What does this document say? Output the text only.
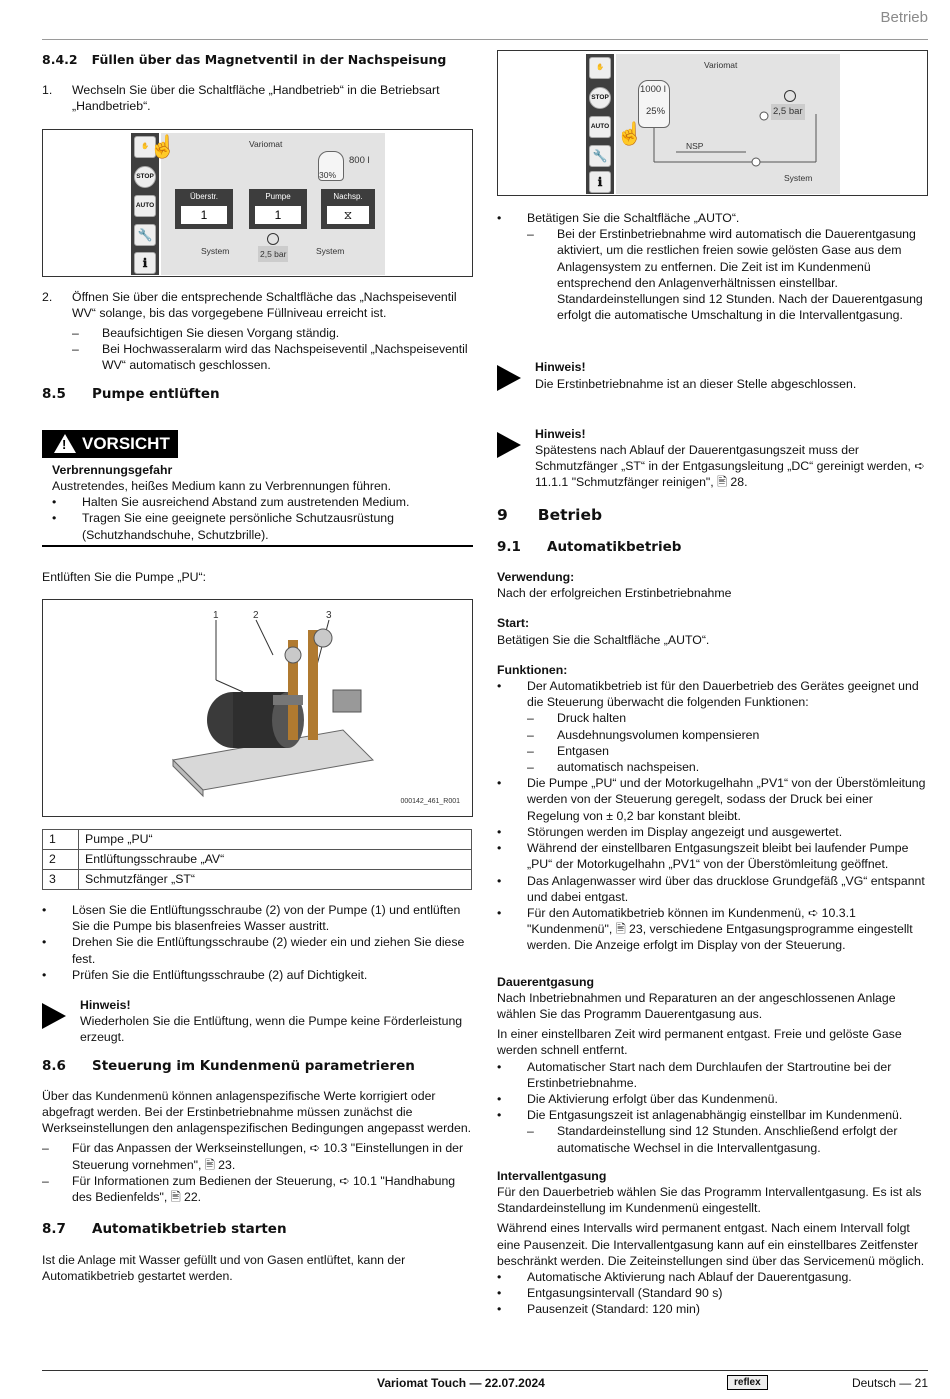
Betrieb
8.4.2 Füllen über das Magnetventil in der Nachspeisung
1.	Wechseln Sie über die Schaltfläche „Handbetrieb“ in die Betriebsart „Handbetrieb“.
✋
STOP
AUTO
🔧
ℹ
Variomat
30%
800 l
Überstr.
1
Pumpe
1
Nachsp.
⧖
System	System
2,5 bar
☝
2.	Öffnen Sie über die entsprechende Schaltfläche das „Nachspeiseventil WV“ solange, bis das vorgegebene Füllniveau erreicht ist.
–	Beaufsichtigen Sie diesen Vorgang ständig.
–	Bei Hochwasseralarm wird das Nachspeiseventil „Nachspeiseventil WV“ automatisch geschlossen.
8.5	Pumpe entlüften
! VORSICHT
Verbrennungsgefahr
Austretendes, heißes Medium kann zu Verbrennungen führen.
•	Halten Sie ausreichend Abstand zum austretenden Medium.
•	Tragen Sie eine geeignete persönliche Schutzausrüstung (Schutzhandschuhe, Schutzbrille).
Entlüften Sie die Pumpe „PU“:
1	2	3
000142_461_R001
1	Pumpe „PU“
2	Entlüftungsschraube „AV“
3	Schmutzfänger „ST“
•	Lösen Sie die Entlüftungsschraube (2) von der Pumpe (1) und entlüften Sie die Pumpe bis blasenfreies Wasser austritt.
•	Drehen Sie die Entlüftungsschraube (2) wieder ein und ziehen Sie diese fest.
•	Prüfen Sie die Entlüftungsschraube (2) auf Dichtigkeit.
Hinweis!
Wiederholen Sie die Entlüftung, wenn die Pumpe keine Förderleistung erzeugt.
8.6	Steuerung im Kundenmenü parametrieren
Über das Kundenmenü können anlagenspezifische Werte korrigiert oder abgefragt werden. Bei der Erstinbetriebnahme müssen zunächst die Werkseinstellungen den anlagenspezifischen Bedingungen angepasst werden.
–	Für das Anpassen der Werkseinstellungen, ➪ 10.3 "Einstellungen in der Steuerung vornehmen", 🖹 23.
–	Für Informationen zum Bedienen der Steuerung, ➪ 10.1 "Handhabung des Bedienfelds", 🖹 22.
8.7	Automatikbetrieb starten
Ist die Anlage mit Wasser gefüllt und von Gasen entlüftet, kann der Automatikbetrieb gestartet werden.
✋
STOP
AUTO
🔧
ℹ
Variomat
1000 l
25%
NSP
2,5 bar
System
☝
•	Betätigen Sie die Schaltfläche „AUTO“.
–	Bei der Erstinbetriebnahme wird automatisch die Dauerentgasung aktiviert, um die restlichen freien sowie gelösten Gase aus dem Anlagensystem zu entfernen. Die Zeit ist im Kundenmenü entsprechend den Anlagenverhältnissen einstellbar. Standardeinstellungen sind 12 Stunden. Nach der Dauerentgasung erfolgt die automatische Umschaltung in die Intervallentgasung.
Hinweis!
Die Erstinbetriebnahme ist an dieser Stelle abgeschlossen.
Hinweis!
Spätestens nach Ablauf der Dauerentgasungszeit muss der Schmutzfänger „ST“ in der Entgasungsleitung „DC“ gereinigt werden, ➪ 11.1.1 "Schmutzfänger reinigen", 🖹 28.
9 Betrieb
9.1	Automatikbetrieb
Verwendung:
Nach der erfolgreichen Erstinbetriebnahme
Start:
Betätigen Sie die Schaltfläche „AUTO“.
Funktionen:
•	Der Automatikbetrieb ist für den Dauerbetrieb des Gerätes geeignet und die Steuerung überwacht die folgenden Funktionen:
–	Druck halten
–	Ausdehnungsvolumen kompensieren
–	Entgasen
–	automatisch nachspeisen.
•	Die Pumpe „PU“ und der Motorkugelhahn „PV1“ von der Überstömleitung werden von der Steuerung geregelt, sodass der Druck bei einer Regelung von ± 0,2 bar konstant bleibt.
•	Störungen werden im Display angezeigt und ausgewertet.
•	Während der einstellbaren Entgasungszeit bleibt bei laufender Pumpe „PU“ der Motorkugelhahn „PV1“ von der Überstömleitung geöffnet.
•	Das Anlagenwasser wird über das drucklose Grundgefäß „VG“ entspannt und dabei entgast.
•	Für den Automatikbetrieb können im Kundenmenü, ➪ 10.3.1 "Kundenmenü", 🖹 23, verschiedene Entgasungsprogramme eingestellt werden. Die Anzeige erfolgt im Display von der Steuerung.
Dauerentgasung
Nach Inbetriebnahmen und Reparaturen an der angeschlossenen Anlage wählen Sie das Programm Dauerentgasung aus.
In einer einstellbaren Zeit wird permanent entgast. Freie und gelöste Gase werden schnell entfernt.
•	Automatischer Start nach dem Durchlaufen der Startroutine bei der Erstinbetriebnahme.
•	Die Aktivierung erfolgt über das Kundenmenü.
•	Die Entgasungszeit ist anlagenabhängig einstellbar im Kundenmenü.
–	Standardeinstellung sind 12 Stunden. Anschließend erfolgt der automatische Wechsel in die Intervallentgasung.
Intervallentgasung
Für den Dauerbetrieb wählen Sie das Programm Intervallentgasung. Es ist als Standardeinstellung im Kundenmenü eingestellt.
Während eines Intervalls wird permanent entgast. Nach einem Intervall folgt eine Pausenzeit. Die Intervallentgasung kann auf ein einstellbares Zeitfenster beschränkt werden. Die Zeiteinstellungen sind über das Servicemenü möglich.
•	Automatische Aktivierung nach Ablauf der Dauerentgasung.
•	Entgasungsintervall (Standard 90 s)
•	Pausenzeit (Standard: 120 min)
Variomat Touch — 22.07.2024	reflex	Deutsch — 21
